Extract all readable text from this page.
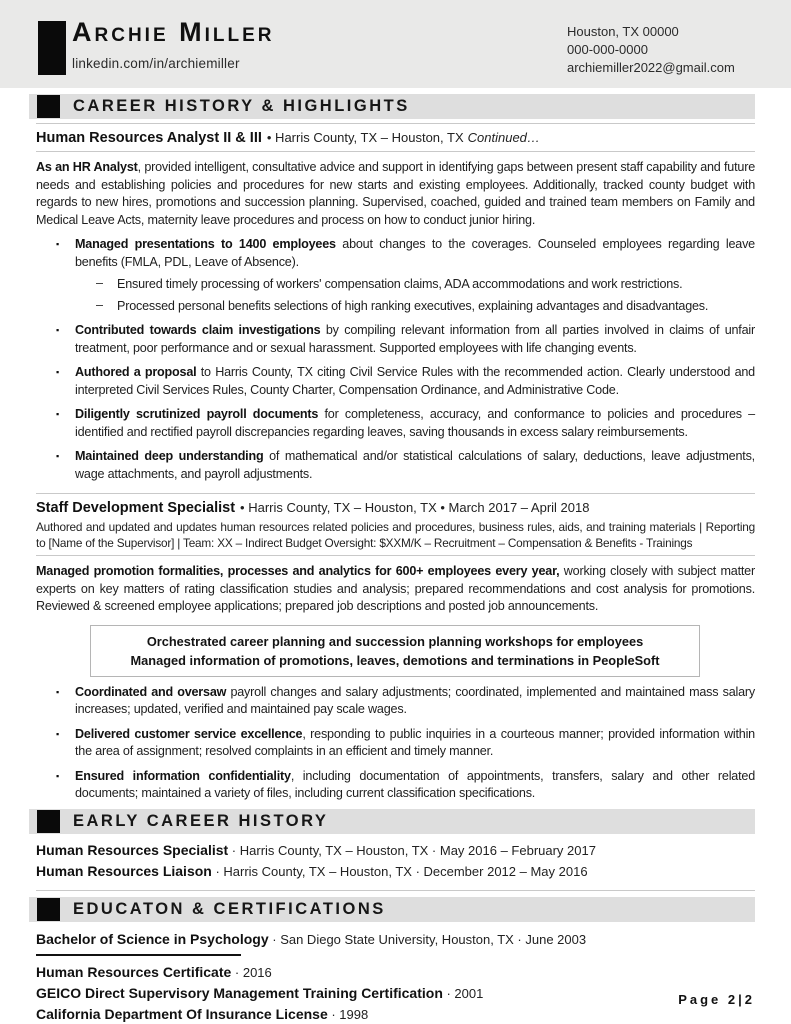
Archie Miller
linkedin.com/in/archiemiller
Houston, TX 00000
000-000-0000
archiemiller2022@gmail.com
CAREER HISTORY & HIGHLIGHTS
Human Resources Analyst II & III • Harris County, TX – Houston, TX Continued…
As an HR Analyst, provided intelligent, consultative advice and support in identifying gaps between present staff capability and future needs and establishing policies and procedures for new starts and existing employees. Additionally, tracked county budget with regards to new hires, promotions and succession planning. Supervised, coached, guided and trained team members on Family and Medical Leave Acts, maternity leave procedures and process on how to conduct junior hiring.
▪	Managed presentations to 1400 employees about changes to the coverages. Counseled employees regarding leave benefits (FMLA, PDL, Leave of Absence).
–	Ensured timely processing of workers' compensation claims, ADA accommodations and work restrictions.
–	Processed personal benefits selections of high ranking executives, explaining advantages and disadvantages.
▪	Contributed towards claim investigations by compiling relevant information from all parties involved in claims of unfair treatment, poor performance and or sexual harassment. Supported employees with life changing events.
▪	Authored a proposal to Harris County, TX citing Civil Service Rules with the recommended action. Clearly understood and interpreted Civil Services Rules, County Charter, Compensation Ordinance, and Administrative Code.
▪	Diligently scrutinized payroll documents for completeness, accuracy, and conformance to policies and procedures – identified and rectified payroll discrepancies regarding leaves, saving thousands in excess salary reimbursements.
▪	Maintained deep understanding of mathematical and/or statistical calculations of salary, deductions, leave adjustments, wage attachments, and payroll adjustments.
Staff Development Specialist • Harris County, TX – Houston, TX • March 2017 – April 2018
Authored and updated and updates human resources related policies and procedures, business rules, aids, and training materials | Reporting to [Name of the Supervisor] | Team: XX – Indirect Budget Oversight: $XXM/K – Recruitment – Compensation & Benefits - Trainings
Managed promotion formalities, processes and analytics for 600+ employees every year, working closely with subject matter experts on key matters of rating classification studies and analysis; prepared recommendations and cost analysis for promotions. Reviewed & screened employee applications; prepared job descriptions and posted job announcements.
Orchestrated career planning and succession planning workshops for employees
Managed information of promotions, leaves, demotions and terminations in PeopleSoft
▪	Coordinated and oversaw payroll changes and salary adjustments; coordinated, implemented and maintained mass salary increases; updated, verified and maintained pay scale wages.
▪	Delivered customer service excellence, responding to public inquiries in a courteous manner; provided information within the area of assignment; resolved complaints in an efficient and timely manner.
▪	Ensured information confidentiality, including documentation of appointments, transfers, salary and other related documents; maintained a variety of files, including current classification specifications.
EARLY CAREER HISTORY
Human Resources Specialist · Harris County, TX – Houston, TX · May 2016 – February 2017
Human Resources Liaison · Harris County, TX – Houston, TX · December 2012 – May 2016
EDUCATON & CERTIFICATIONS
Bachelor of Science in Psychology · San Diego State University, Houston, TX · June 2003
Human Resources Certificate · 2016
GEICO Direct Supervisory Management Training Certification · 2001
California Department Of Insurance License · 1998
Page 2|2
